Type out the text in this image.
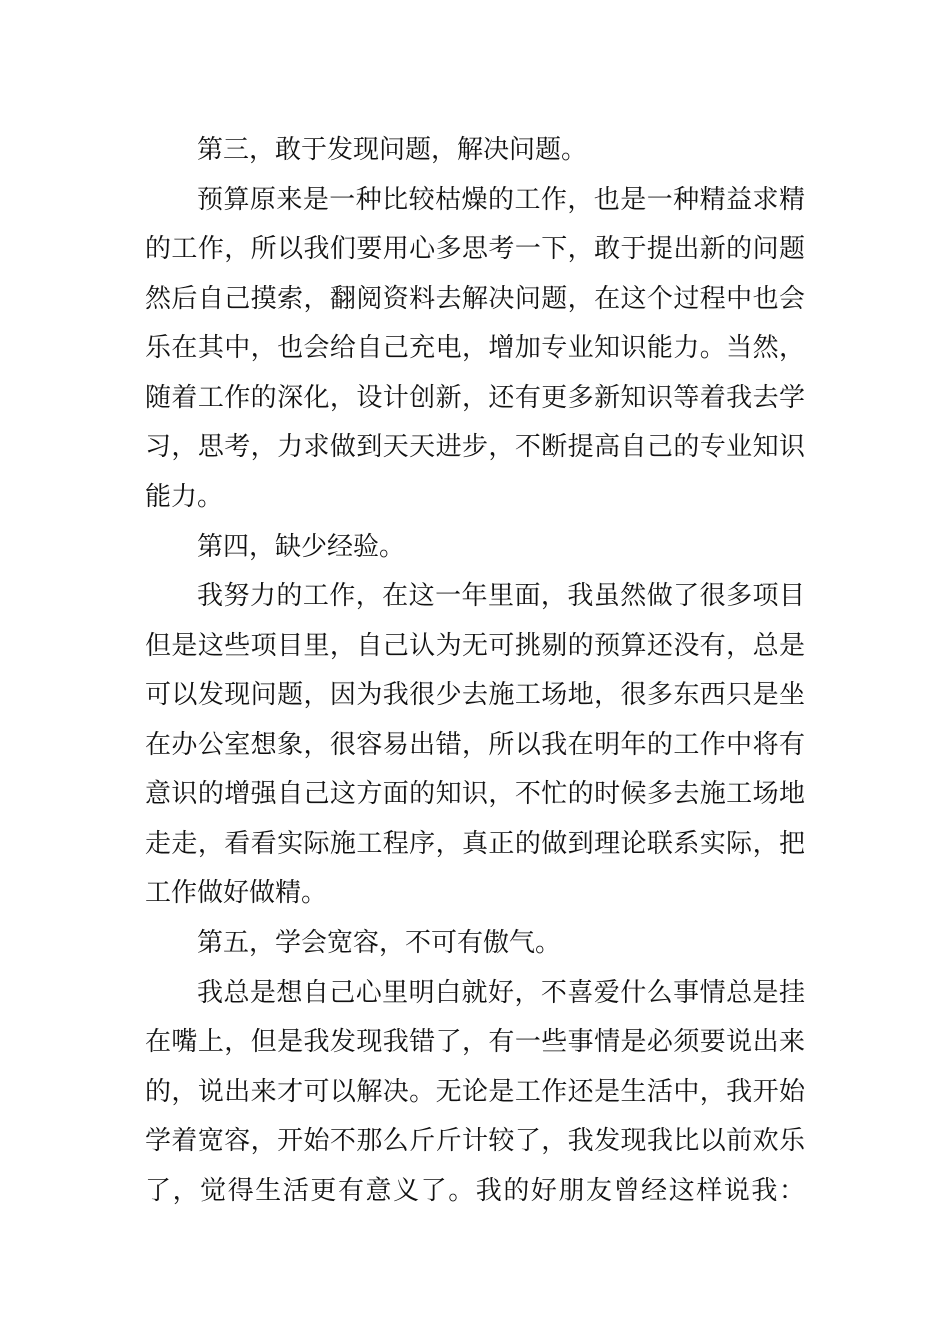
第三，敢于发现问题，解决问题。
预算原来是一种比较枯燥的工作，也是一种精益求精
的工作，所以我们要用心多思考一下，敢于提出新的问题
然后自己摸索，翻阅资料去解决问题，在这个过程中也会
乐在其中，也会给自己充电，增加专业知识能力。当然，
随着工作的深化，设计创新，还有更多新知识等着我去学
习，思考，力求做到天天进步，不断提高自己的专业知识
能力。
第四，缺少经验。
我努力的工作，在这一年里面，我虽然做了很多项目
但是这些项目里，自己认为无可挑剔的预算还没有，总是
可以发现问题，因为我很少去施工场地，很多东西只是坐
在办公室想象，很容易出错，所以我在明年的工作中将有
意识的增强自己这方面的知识，不忙的时候多去施工场地
走走，看看实际施工程序，真正的做到理论联系实际，把
工作做好做精。
第五，学会宽容，不可有傲气。
我总是想自己心里明白就好，不喜爱什么事情总是挂
在嘴上，但是我发现我错了，有一些事情是必须要说出来
的，说出来才可以解决。无论是工作还是生活中，我开始
学着宽容，开始不那么斤斤计较了，我发现我比以前欢乐
了，觉得生活更有意义了。我的好朋友曾经这样说我：
